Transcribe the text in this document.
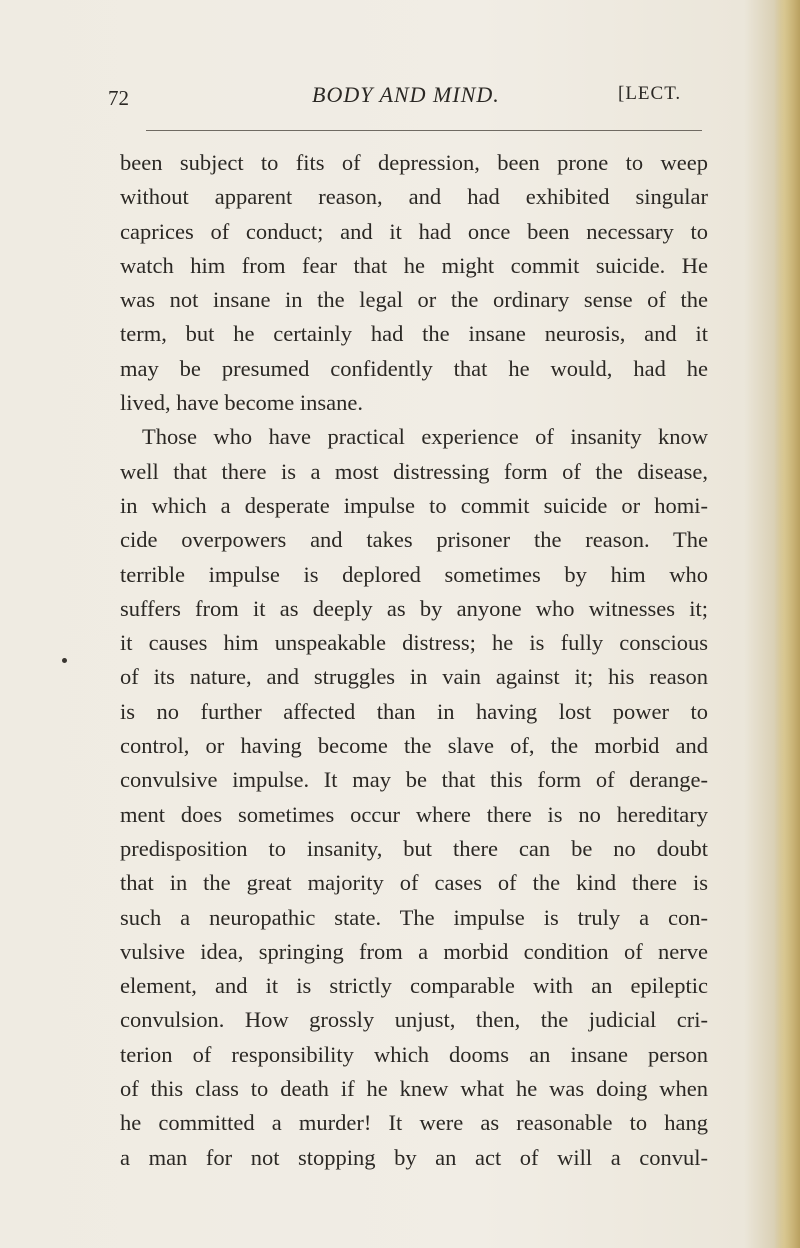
72	BODY AND MIND.	[LECT.
been subject to fits of depression, been prone to weep
without apparent reason, and had exhibited singular
caprices of conduct; and it had once been necessary to
watch him from fear that he might commit suicide. He
was not insane in the legal or the ordinary sense of the
term, but he certainly had the insane neurosis, and it
may be presumed confidently that he would, had he
lived, have become insane.
Those who have practical experience of insanity know
well that there is a most distressing form of the disease,
in which a desperate impulse to commit suicide or homi-
cide overpowers and takes prisoner the reason. The
terrible impulse is deplored sometimes by him who
suffers from it as deeply as by anyone who witnesses it;
it causes him unspeakable distress; he is fully conscious
of its nature, and struggles in vain against it; his reason
is no further affected than in having lost power to
control, or having become the slave of, the morbid and
convulsive impulse. It may be that this form of derange-
ment does sometimes occur where there is no hereditary
predisposition to insanity, but there can be no doubt
that in the great majority of cases of the kind there is
such a neuropathic state. The impulse is truly a con-
vulsive idea, springing from a morbid condition of nerve
element, and it is strictly comparable with an epileptic
convulsion. How grossly unjust, then, the judicial cri-
terion of responsibility which dooms an insane person
of this class to death if he knew what he was doing when
he committed a murder! It were as reasonable to hang
a man for not stopping by an act of will a convul-
